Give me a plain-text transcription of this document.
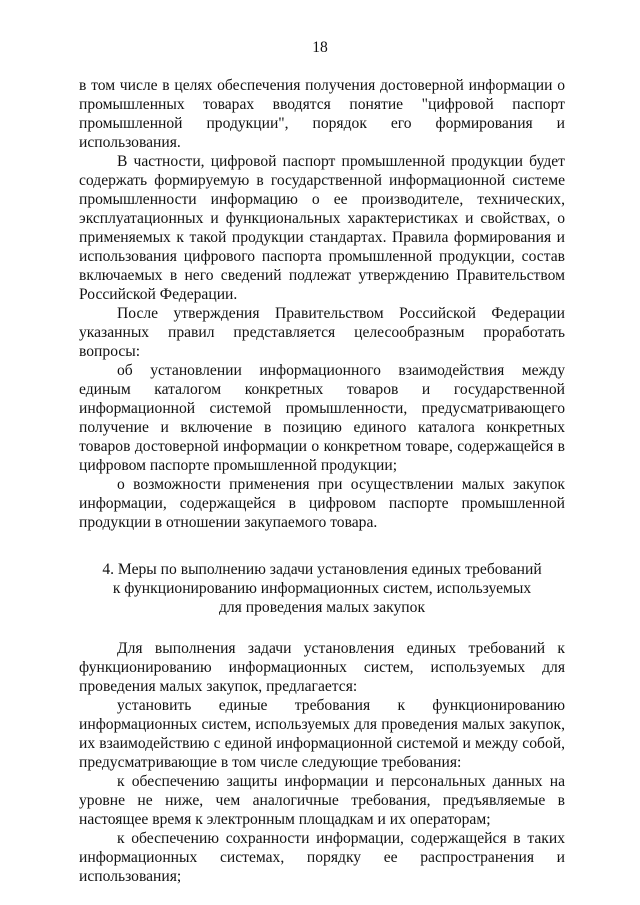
18

в том числе в целях обеспечения получения достоверной информации о промышленных товарах вводятся понятие "цифровой паспорт промышленной продукции", порядок его формирования и использования.

В частности, цифровой паспорт промышленной продукции будет содержать формируемую в государственной информационной системе промышленности информацию о ее производителе, технических, эксплуатационных и функциональных характеристиках и свойствах, о применяемых к такой продукции стандартах. Правила формирования и использования цифрового паспорта промышленной продукции, состав включаемых в него сведений подлежат утверждению Правительством Российской Федерации.

После утверждения Правительством Российской Федерации указанных правил представляется целесообразным проработать вопросы:

об установлении информационного взаимодействия между единым каталогом конкретных товаров и государственной информационной системой промышленности, предусматривающего получение и включение в позицию единого каталога конкретных товаров достоверной информации о конкретном товаре, содержащейся в цифровом паспорте промышленной продукции;

о возможности применения при осуществлении малых закупок информации, содержащейся в цифровом паспорте промышленной продукции в отношении закупаемого товара.

4. Меры по выполнению задачи установления единых требований
к функционированию информационных систем, используемых
для проведения малых закупок

Для выполнения задачи установления единых требований к функционированию информационных систем, используемых для проведения малых закупок, предлагается:

установить единые требования к функционированию информационных систем, используемых для проведения малых закупок, их взаимодействию с единой информационной системой и между собой, предусматривающие в том числе следующие требования:

к обеспечению защиты информации и персональных данных на уровне не ниже, чем аналогичные требования, предъявляемые в настоящее время к электронным площадкам и их операторам;

к обеспечению сохранности информации, содержащейся в таких информационных системах, порядку ее распространения и использования;
